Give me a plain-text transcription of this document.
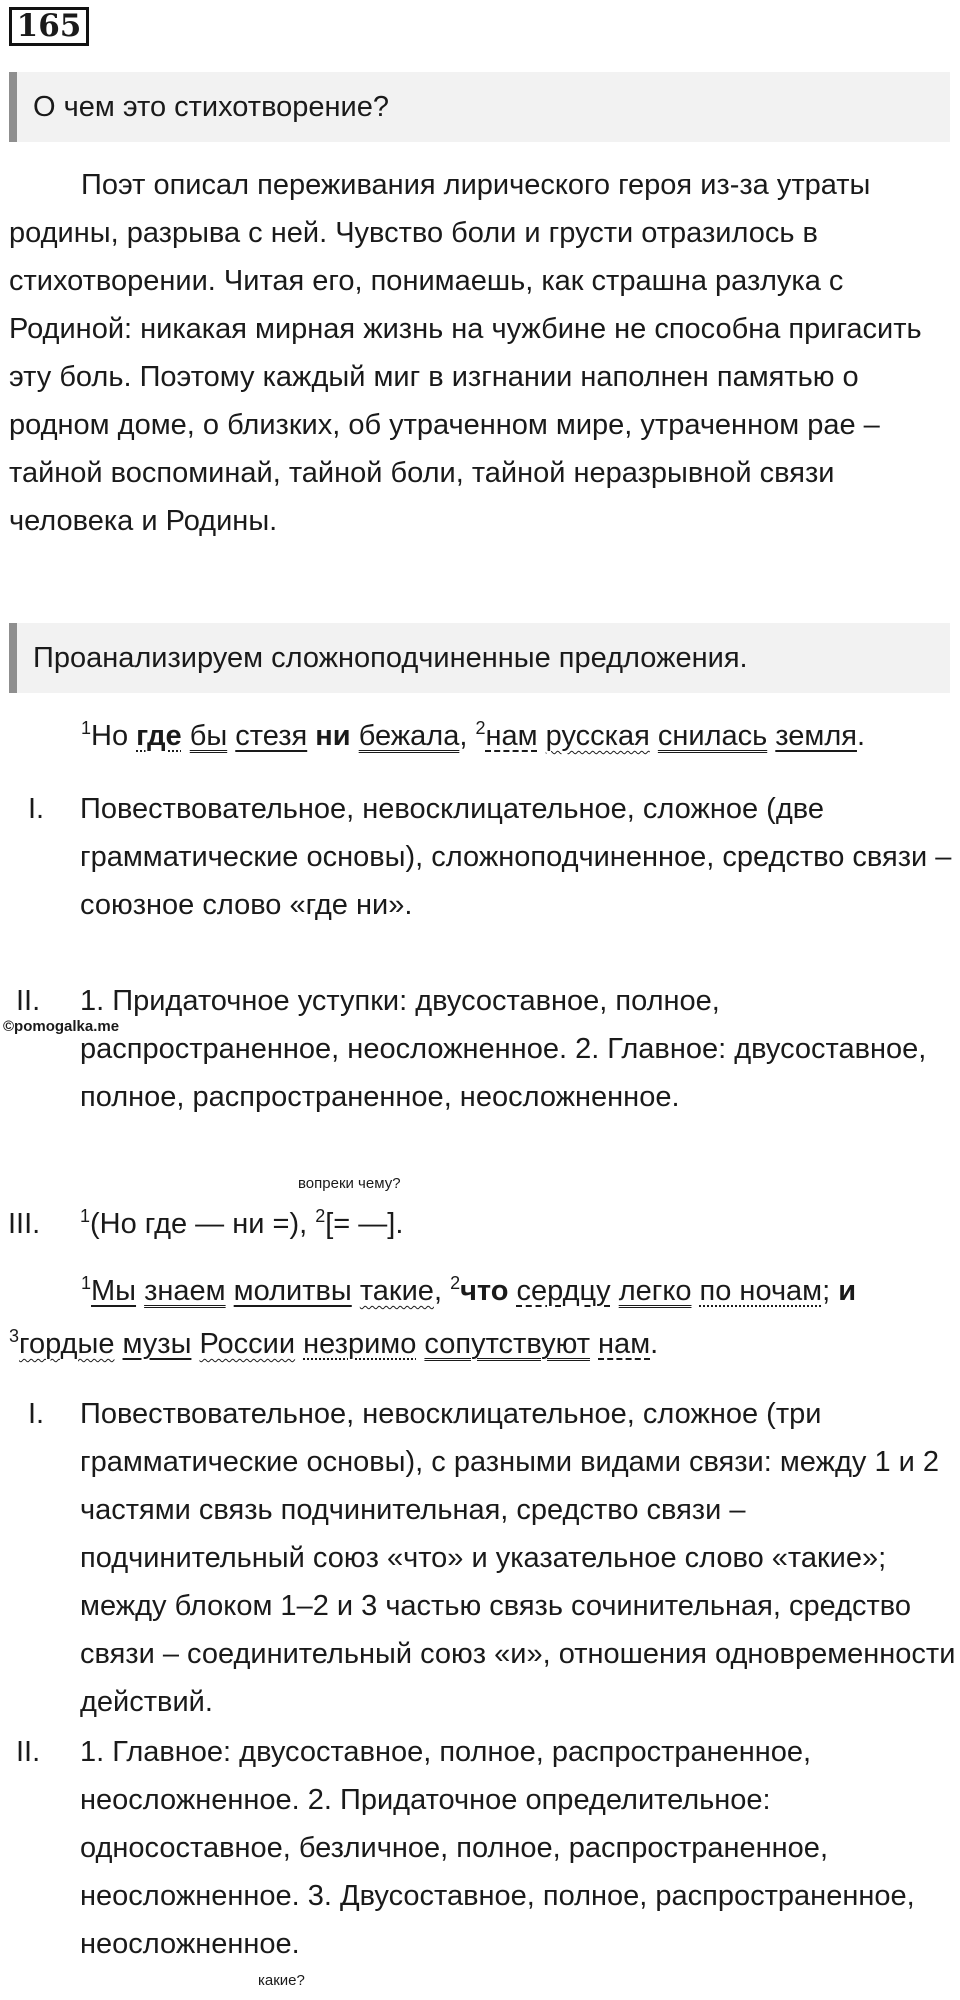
165
О чем это стихотворение?
Поэт описал переживания лирического героя из-за утраты родины, разрыва с ней. Чувство боли и грусти отразилось в стихотворении. Читая его, понимаешь, как страшна разлука с Родиной: никакая мирная жизнь на чужбине не способна пригасить эту боль. Поэтому каждый миг в изгнании наполнен памятью о родном доме, о близких, об утраченном мире, утраченном рае – тайной воспоминай, тайной боли, тайной неразрывной связи человека и Родины.
Проанализируем сложноподчиненные предложения.
$^1$Но где бы стезя ни бежала, $^2$нам русская снилась земля.
I. Повествовательное, невосклицательное, сложное (две грамматические основы), сложноподчиненное, средство связи – союзное слово «где ни».
II. 1. Придаточное уступки: двусоставное, полное, распространенное, неосложненное. 2. Главное: двусоставное, полное, распространенное, неосложненное.
©pomogalka.me
вопреки чему?
III. $^1$(Но где — ни =), $^2$[= —].
$^1$Мы знаем молитвы такие, $^2$что сердцу легко по ночам; и $^3$гордые музы России незримо сопутствуют нам.
I. Повествовательное, невосклицательное, сложное (три грамматические основы), с разными видами связи: между 1 и 2 частями связь подчинительная, средство связи – подчинительный союз «что» и указательное слово «такие»; между блоком 1–2 и 3 частью связь сочинительная, средство связи – соединительный союз «и», отношения одновременности действий.
II. 1. Главное: двусоставное, полное, распространенное, неосложненное. 2. Придаточное определительное: односоставное, безличное, полное, распространенное, неосложненное. 3. Двусоставное, полное, распространенное, неосложненное.
какие?
